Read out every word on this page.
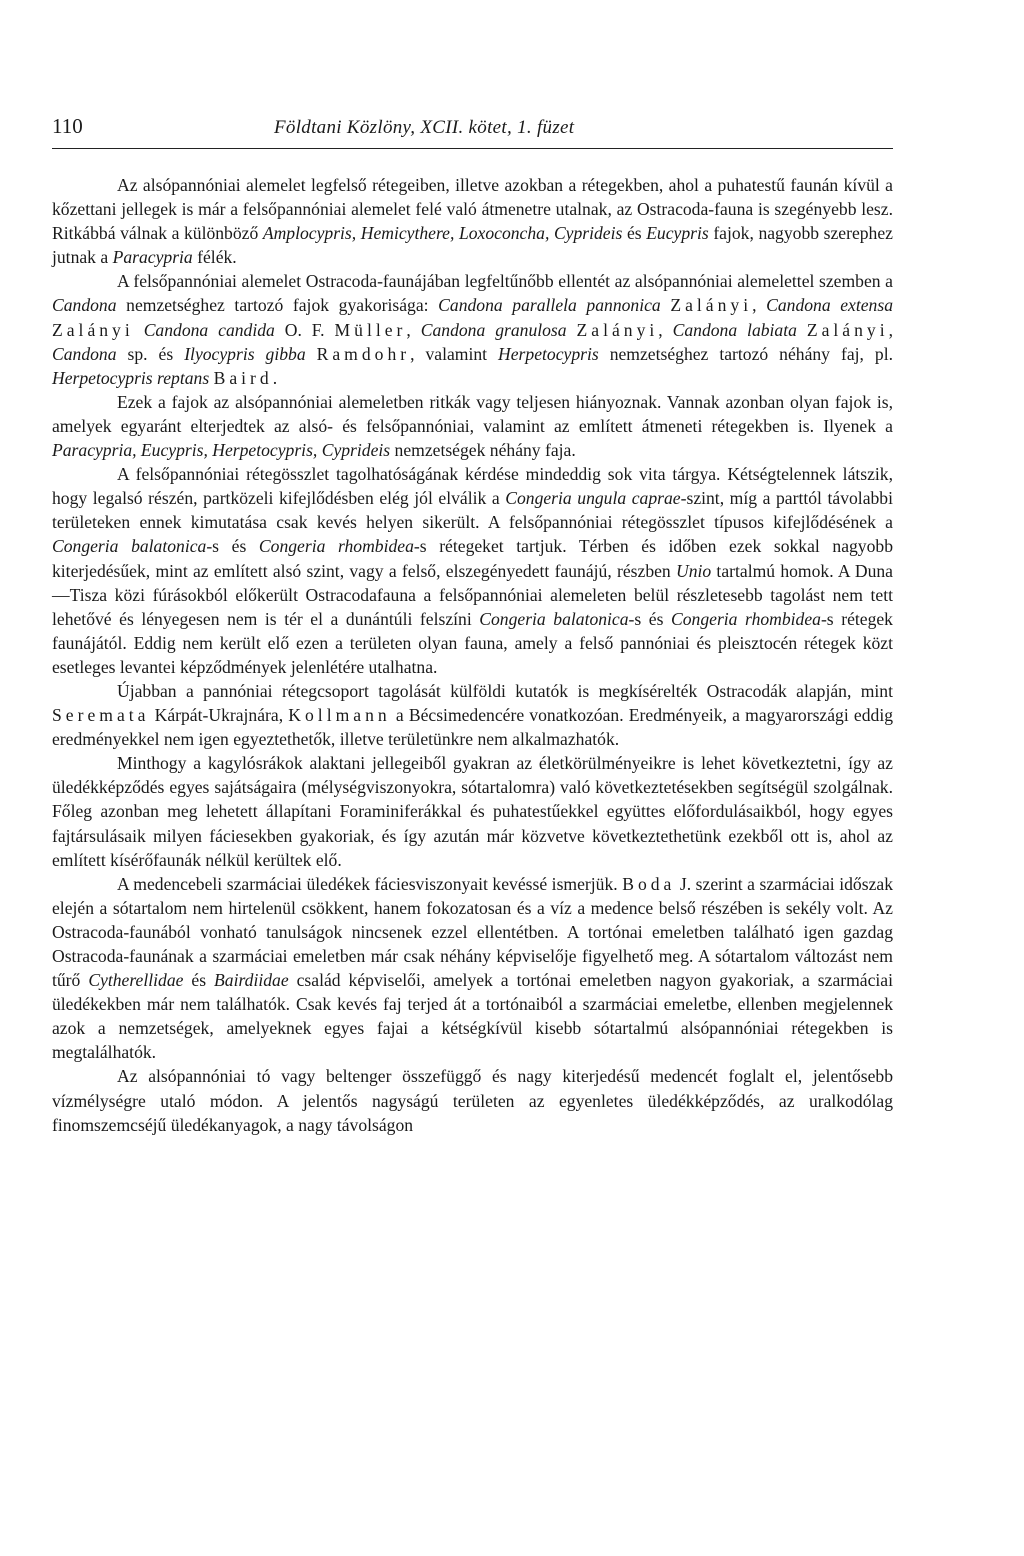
110	Földtani Közlöny, XCII. kötet, 1. füzet

Az alsópannóniai alemelet legfelső rétegeiben, illetve azokban a rétegekben, ahol a puhatestű faunán kívül a kőzettani jellegek is már a felsőpannóniai alemelet felé való átmenetre utalnak, az Ostracoda-fauna is szegényebb lesz. Ritkábbá válnak a különböző Amplocypris, Hemicythere, Loxoconcha, Cyprideis és Eucypris fajok, nagyobb szerephez jutnak a Paracypria félék.

A felsőpannóniai alemelet Ostracoda-faunájában legfeltűnőbb ellentét az alsópannóniai alemelettel szemben a Candona nemzetséghez tartozó fajok gyakorisága: Candona parallela pannonica Zalányi, Candona extensa Zalányi Candona candida O. F. Müller, Candona granulosa Zalányi, Candona labiata Zalányi, Candona sp. és Ilyocypris gibba Ramdohr, valamint Herpetocypris nemzetséghez tartozó néhány faj, pl. Herpetocypris reptans Baird.

Ezek a fajok az alsópannóniai alemeletben ritkák vagy teljesen hiányoznak. Vannak azonban olyan fajok is, amelyek egyaránt elterjedtek az alsó- és felsőpannóniai, valamint az említett átmeneti rétegekben is. Ilyenek a Paracypria, Eucypris, Herpetocypris, Cyprideis nemzetségek néhány faja.

A felsőpannóniai rétegösszlet tagolhatóságának kérdése mindeddig sok vita tárgya. Kétségtelennek látszik, hogy legalsó részén, partközeli kifejlődésben elég jól elválik a Congeria ungula caprae-szint, míg a parttól távolabbi területeken ennek kimutatása csak kevés helyen sikerült. A felsőpannóniai rétegösszlet típusos kifejlődésének a Congeria balatonica-s és Congeria rhombidea-s rétegeket tartjuk. Térben és időben ezek sokkal nagyobb kiterjedésűek, mint az említett alsó szint, vagy a felső, elszegényedett faunájú, részben Unio tartalmú homok. A Duna—Tisza közi fúrásokból előkerült Ostracodafauna a felsőpannóniai alemeleten belül részletesebb tagolást nem tett lehetővé és lényegesen nem is tér el a dunántúli felszíni Congeria balatonica-s és Congeria rhombidea-s rétegek faunájától. Eddig nem került elő ezen a területen olyan fauna, amely a felső pannóniai és pleisztocén rétegek közt esetleges levantei képződmények jelenlétére utalhatna.

Újabban a pannóniai rétegcsoport tagolását külföldi kutatók is megkísérelték Ostracodák alapján, mint Seremata Kárpát-Ukrajnára, Kollmann a Bécsimedencére vonatkozóan. Eredményeik, a magyarországi eddig eredményekkel nem igen egyeztethetők, illetve területünkre nem alkalmazhatók.

Minthogy a kagylósrákok alaktani jellegeiből gyakran az életkörülményeikre is lehet következtetni, így az üledékképződés egyes sajátságaira (mélységviszonyokra, sótartalomra) való következtetésekben segítségül szolgálnak. Főleg azonban meg lehetett állapítani Foraminiferákkal és puhatestűekkel együttes előfordulásaikból, hogy egyes fajtársulásaik milyen fáciesekben gyakoriak, és így azután már közvetve következtethetünk ezekből ott is, ahol az említett kísérőfaunák nélkül kerültek elő.

A medencebeli szarmáciai üledékek fáciesviszonyait kevéssé ismerjük. Boda J. szerint a szarmáciai időszak elején a sótartalom nem hirtelenül csökkent, hanem fokozatosan és a víz a medence belső részében is sekély volt. Az Ostracoda-faunából vonható tanulságok nincsenek ezzel ellentétben. A tortónai emeletben található igen gazdag Ostracoda-faunának a szarmáciai emeletben már csak néhány képviselője figyelhető meg. A sótartalom változást nem tűrő Cytherellidae és Bairdiidae család képviselői, amelyek a tortónai emeletben nagyon gyakoriak, a szarmáciai üledékekben már nem találhatók. Csak kevés faj terjed át a tortónaiból a szarmáciai emeletbe, ellenben megjelennek azok a nemzetségek, amelyeknek egyes fajai a kétségkívül kisebb sótartalmú alsópannóniai rétegekben is megtalálhatók.

Az alsópannóniai tó vagy beltenger összefüggő és nagy kiterjedésű medencét foglalt el, jelentősebb vízmélységre utaló módon. A jelentős nagyságú területen az egyenletes üledékképződés, az uralkodólag finomszemcséjű üledékanyagok, a nagy távolságon
